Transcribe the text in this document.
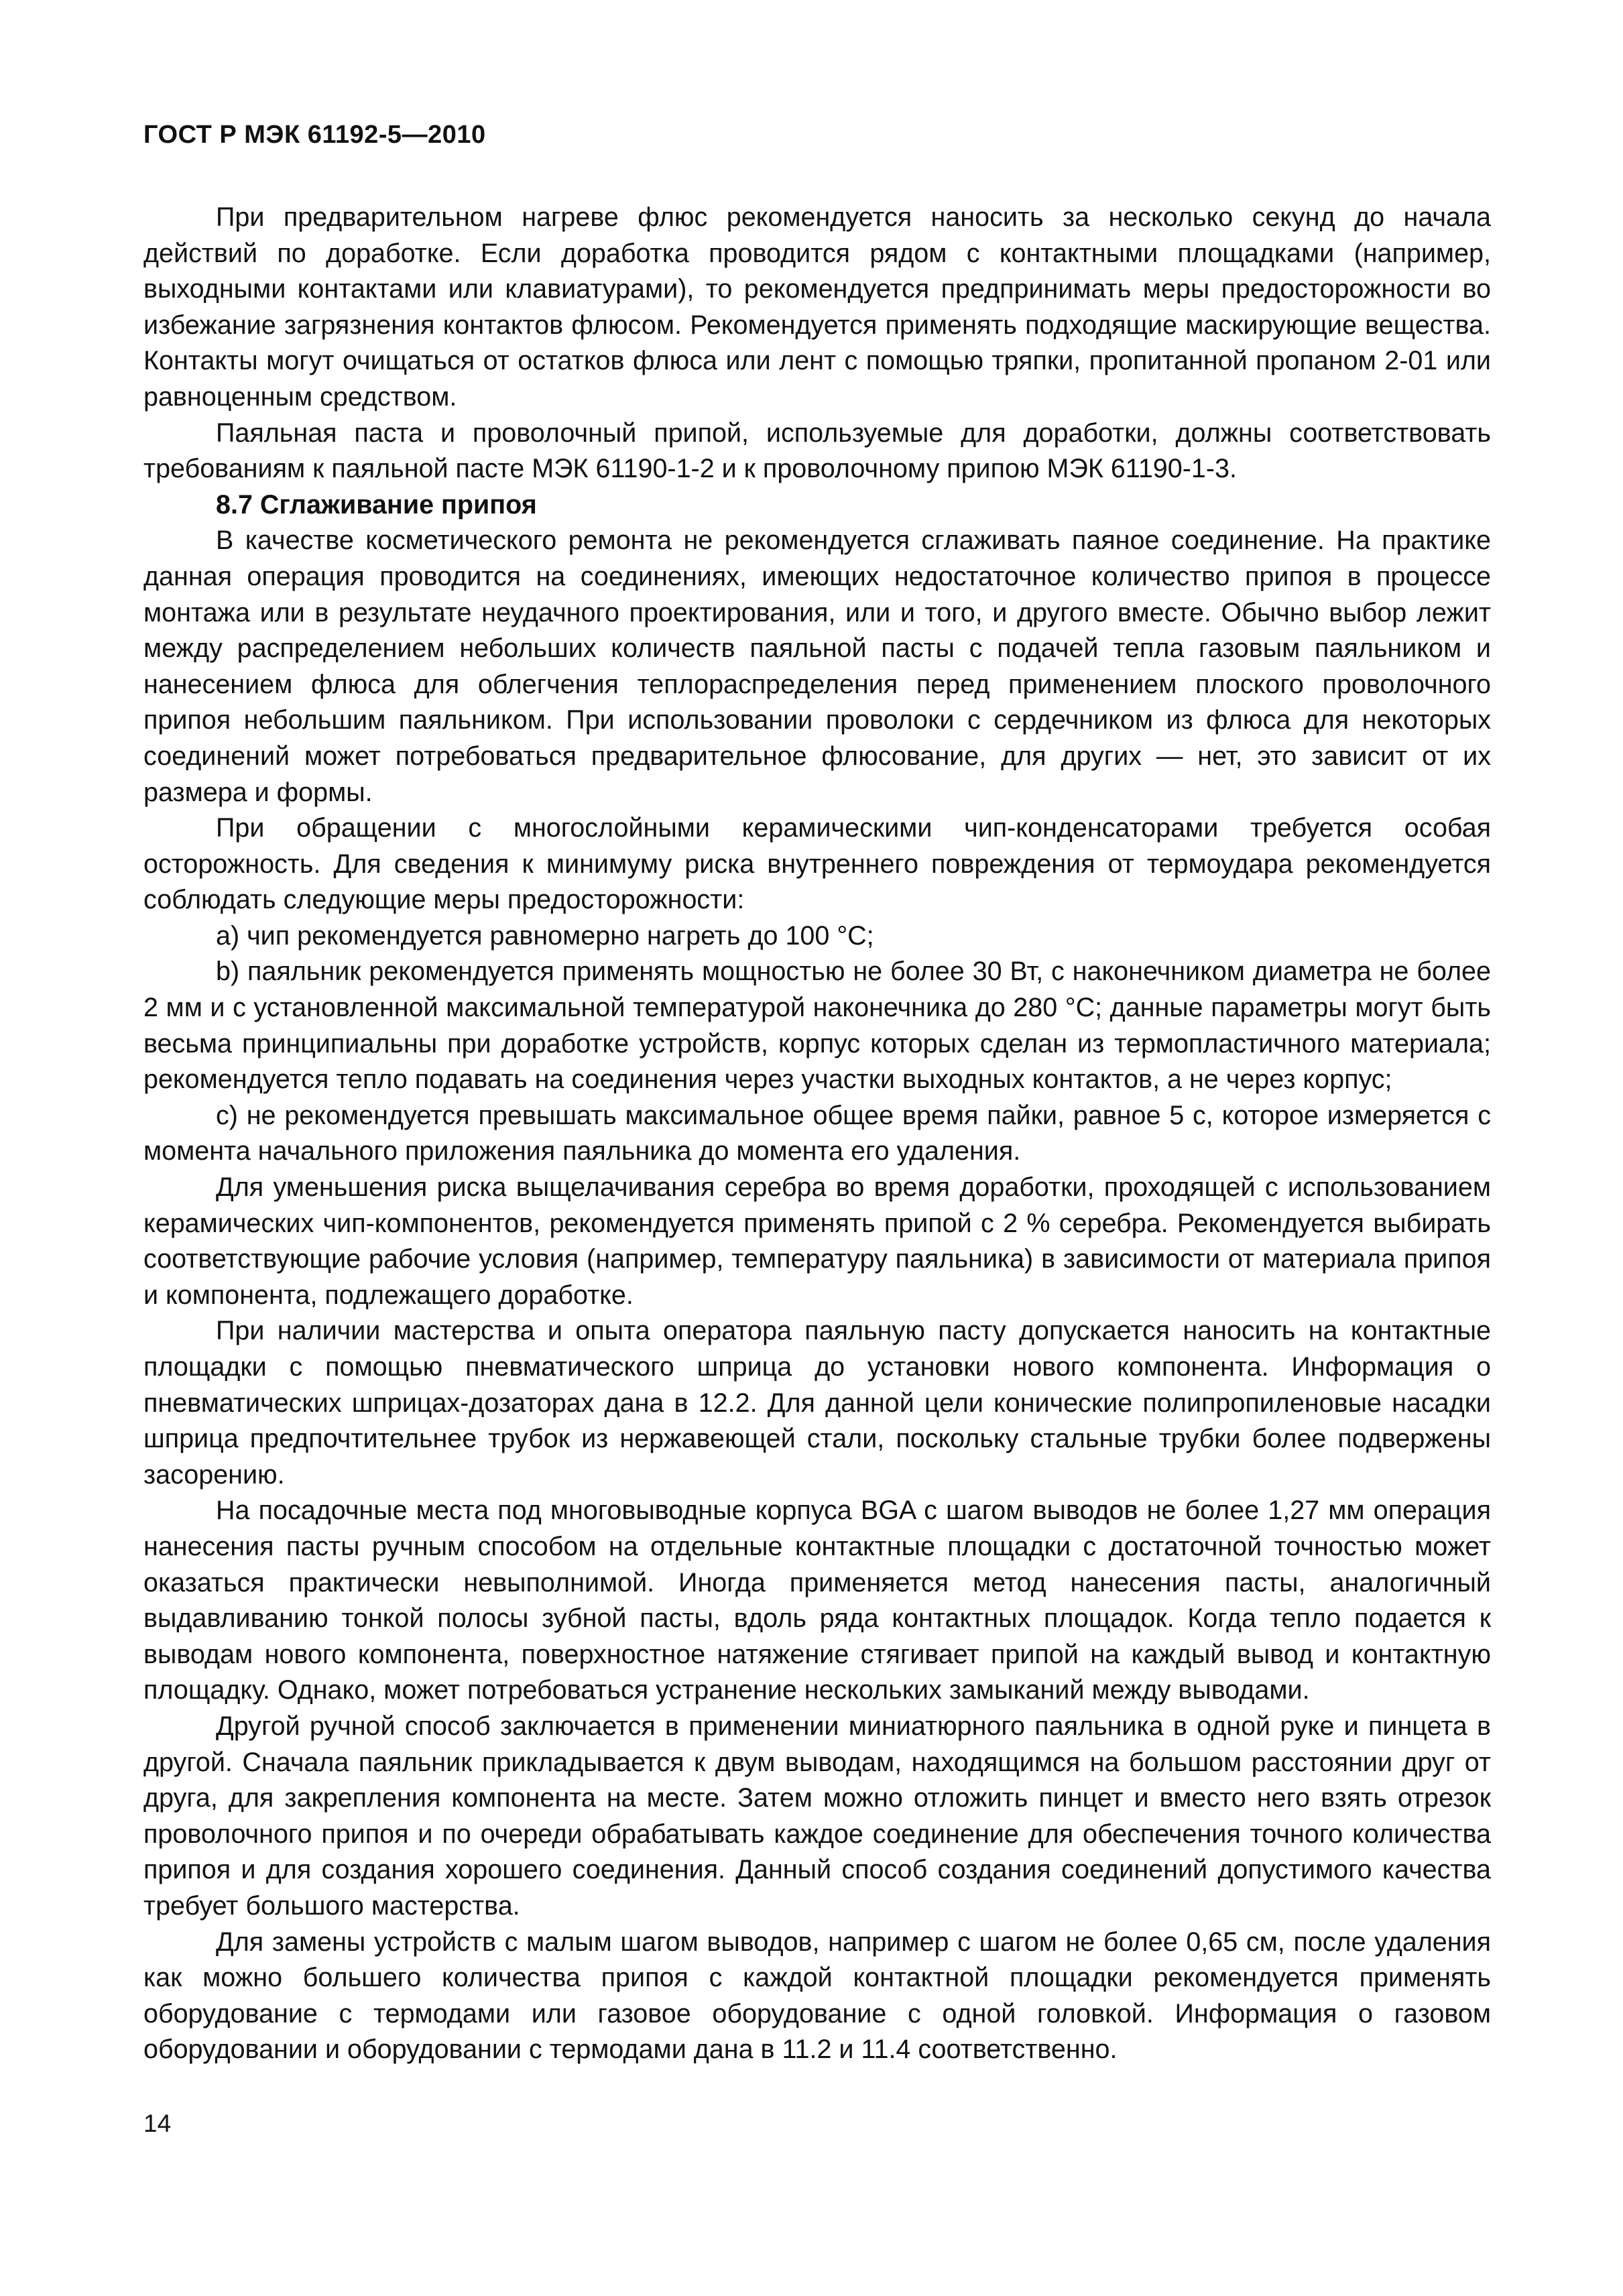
ГОСТ Р МЭК 61192-5—2010

При предварительном нагреве флюс рекомендуется наносить за несколько секунд до начала действий по доработке. Если доработка проводится рядом с контактными площадками (например, выходными контактами или клавиатурами), то рекомендуется предпринимать меры предосторожности во избежание загрязнения контактов флюсом. Рекомендуется применять подходящие маскирующие вещества. Контакты могут очищаться от остатков флюса или лент с помощью тряпки, пропитанной пропаном 2-01 или равноценным средством.

Паяльная паста и проволочный припой, используемые для доработки, должны соответствовать требованиям к паяльной пасте МЭК 61190-1-2 и к проволочному припою МЭК 61190-1-3.

8.7 Сглаживание припоя

В качестве косметического ремонта не рекомендуется сглаживать паяное соединение. На практике данная операция проводится на соединениях, имеющих недостаточное количество припоя в процессе монтажа или в результате неудачного проектирования, или и того, и другого вместе. Обычно выбор лежит между распределением небольших количеств паяльной пасты с подачей тепла газовым паяльником и нанесением флюса для облегчения теплораспределения перед применением плоского проволочного припоя небольшим паяльником. При использовании проволоки с сердечником из флюса для некоторых соединений может потребоваться предварительное флюсование, для других — нет, это зависит от их размера и формы.

При обращении с многослойными керамическими чип-конденсаторами требуется особая осторожность. Для сведения к минимуму риска внутреннего повреждения от термоудара рекомендуется соблюдать следующие меры предосторожности:

a) чип рекомендуется равномерно нагреть до 100 °С;

b) паяльник рекомендуется применять мощностью не более 30 Вт, с наконечником диаметра не более 2 мм и с установленной максимальной температурой наконечника до 280 °С; данные параметры могут быть весьма принципиальны при доработке устройств, корпус которых сделан из термопластичного материала; рекомендуется тепло подавать на соединения через участки выходных контактов, а не через корпус;

c) не рекомендуется превышать максимальное общее время пайки, равное 5 с, которое измеряется с момента начального приложения паяльника до момента его удаления.

Для уменьшения риска выщелачивания серебра во время доработки, проходящей с использованием керамических чип-компонентов, рекомендуется применять припой с 2 % серебра. Рекомендуется выбирать соответствующие рабочие условия (например, температуру паяльника) в зависимости от материала припоя и компонента, подлежащего доработке.

При наличии мастерства и опыта оператора паяльную пасту допускается наносить на контактные площадки с помощью пневматического шприца до установки нового компонента. Информация о пневматических шприцах-дозаторах дана в 12.2. Для данной цели конические полипропиленовые насадки шприца предпочтительнее трубок из нержавеющей стали, поскольку стальные трубки более подвержены засорению.

На посадочные места под многовыводные корпуса BGA с шагом выводов не более 1,27 мм операция нанесения пасты ручным способом на отдельные контактные площадки с достаточной точностью может оказаться практически невыполнимой. Иногда применяется метод нанесения пасты, аналогичный выдавливанию тонкой полосы зубной пасты, вдоль ряда контактных площадок. Когда тепло подается к выводам нового компонента, поверхностное натяжение стягивает припой на каждый вывод и контактную площадку. Однако, может потребоваться устранение нескольких замыканий между выводами.

Другой ручной способ заключается в применении миниатюрного паяльника в одной руке и пинцета в другой. Сначала паяльник прикладывается к двум выводам, находящимся на большом расстоянии друг от друга, для закрепления компонента на месте. Затем можно отложить пинцет и вместо него взять отрезок проволочного припоя и по очереди обрабатывать каждое соединение для обеспечения точного количества припоя и для создания хорошего соединения. Данный способ создания соединений допустимого качества требует большого мастерства.

Для замены устройств с малым шагом выводов, например с шагом не более 0,65 см, после удаления как можно большего количества припоя с каждой контактной площадки рекомендуется применять оборудование с термодами или газовое оборудование с одной головкой. Информация о газовом оборудовании и оборудовании с термодами дана в 11.2 и 11.4 соответственно.

14
